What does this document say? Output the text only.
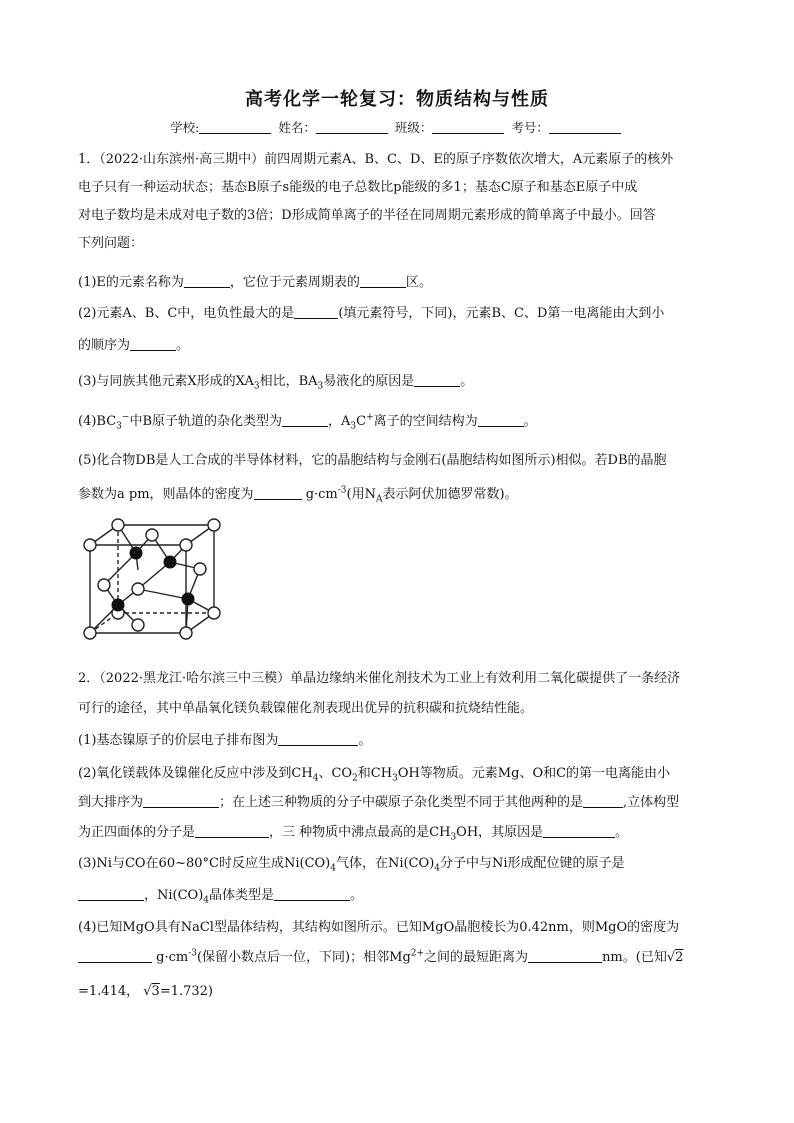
高考化学一轮复习：物质结构与性质
学校:	姓名：	班级：	考号：
1．（2022·山东滨州·高三期中）前四周期元素A、B、C、D、E的原子序数依次增大，A元素原子的核外
电子只有一种运动状态；基态B原子s能级的电子总数比p能级的多1；基态C原子和基态E原子中成
对电子数均是未成对电子数的3倍；D形成简单离子的半径在同周期元素形成的简单离子中最小。回答
下列问题：
(1)E的元素名称为	，它位于元素周期表的	区。
(2)元素A、B、C中，电负性最大的是	(填元素符号，下同)，元素B、C、D第一电离能由大到小
的顺序为	。
(3)与同族其他元素X形成的$XA_3$相比，$BA_3$易液化的原因是	。
$(4)BC_3^-$中B原子轨道的杂化类型为	，$A_3C^+$离子的空间结构为	。
(5)化合物DB是人工合成的半导体材料，它的晶胞结构与金刚石(晶胞结构如图所示)相似。若DB的晶胞
参数为a pm，则晶体的密度为	$g\cdot cm^{-3}$(用$N_A$表示阿伏加德罗常数)。
2．（2022·黑龙江·哈尔滨三中三模）单晶边缘纳米催化剂技术为工业上有效利用二氧化碳提供了一条经济
可行的途径，其中单晶氧化镁负载镍催化剂表现出优异的抗积碳和抗烧结性能。
(1)基态镍原子的价层电子排布图为	。
(2)氧化镁载体及镍催化反应中涉及到$CH_4$、$CO_2$和$CH_3OH$等物质。元素Mg、O和C的第一电离能由小
到大排序为	；在上述三种物质的分子中碳原子杂化类型不同于其他两种的是	,立体构型
为正四面体的分子是	，三 种物质中沸点最高的是$CH_3OH$，其原因是	。
(3)Ni与CO在60~80°C时反应生成$Ni(CO)_4$气体，在$Ni(CO)_4$分子中与Ni形成配位键的原子是
，$Ni(CO)_4$晶体类型是	。
(4)已知MgO具有NaCl型晶体结构，其结构如图所示。已知MgO晶胞棱长为0.42nm，则MgO的密度为
$g\cdot cm^{-3}$(保留小数点后一位，下同)；相邻$Mg^{2+}$之间的最短距离为	nm。(已知√2
=1.414， √3=1.732)
